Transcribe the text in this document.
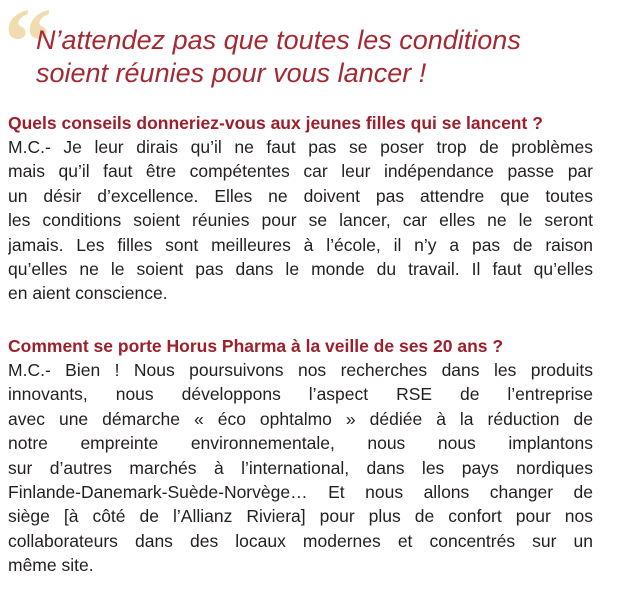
“
N’attendez pas que toutes les conditions
soient réunies pour vous lancer !
Quels conseils donneriez-vous aux jeunes filles qui se lancent ?
M.C.- Je leur dirais qu’il ne faut pas se poser trop de problèmes
mais qu’il faut être compétentes car leur indépendance passe par
un désir d’excellence. Elles ne doivent pas attendre que toutes
les conditions soient réunies pour se lancer, car elles ne le seront
jamais. Les filles sont meilleures à l’école, il n’y a pas de raison
qu’elles ne le soient pas dans le monde du travail. Il faut qu’elles
en aient conscience.
Comment se porte Horus Pharma à la veille de ses 20 ans ?
M.C.- Bien ! Nous poursuivons nos recherches dans les produits
innovants, nous développons l’aspect RSE de l’entreprise
avec une démarche « éco ophtalmo » dédiée à la réduction de
notre empreinte environnementale, nous nous implantons
sur d’autres marchés à l’international, dans les pays nordiques
Finlande-Danemark-Suède-Norvège… Et nous allons changer de
siège [à côté de l’Allianz Riviera] pour plus de confort pour nos
collaborateurs dans des locaux modernes et concentrés sur un
même site.
